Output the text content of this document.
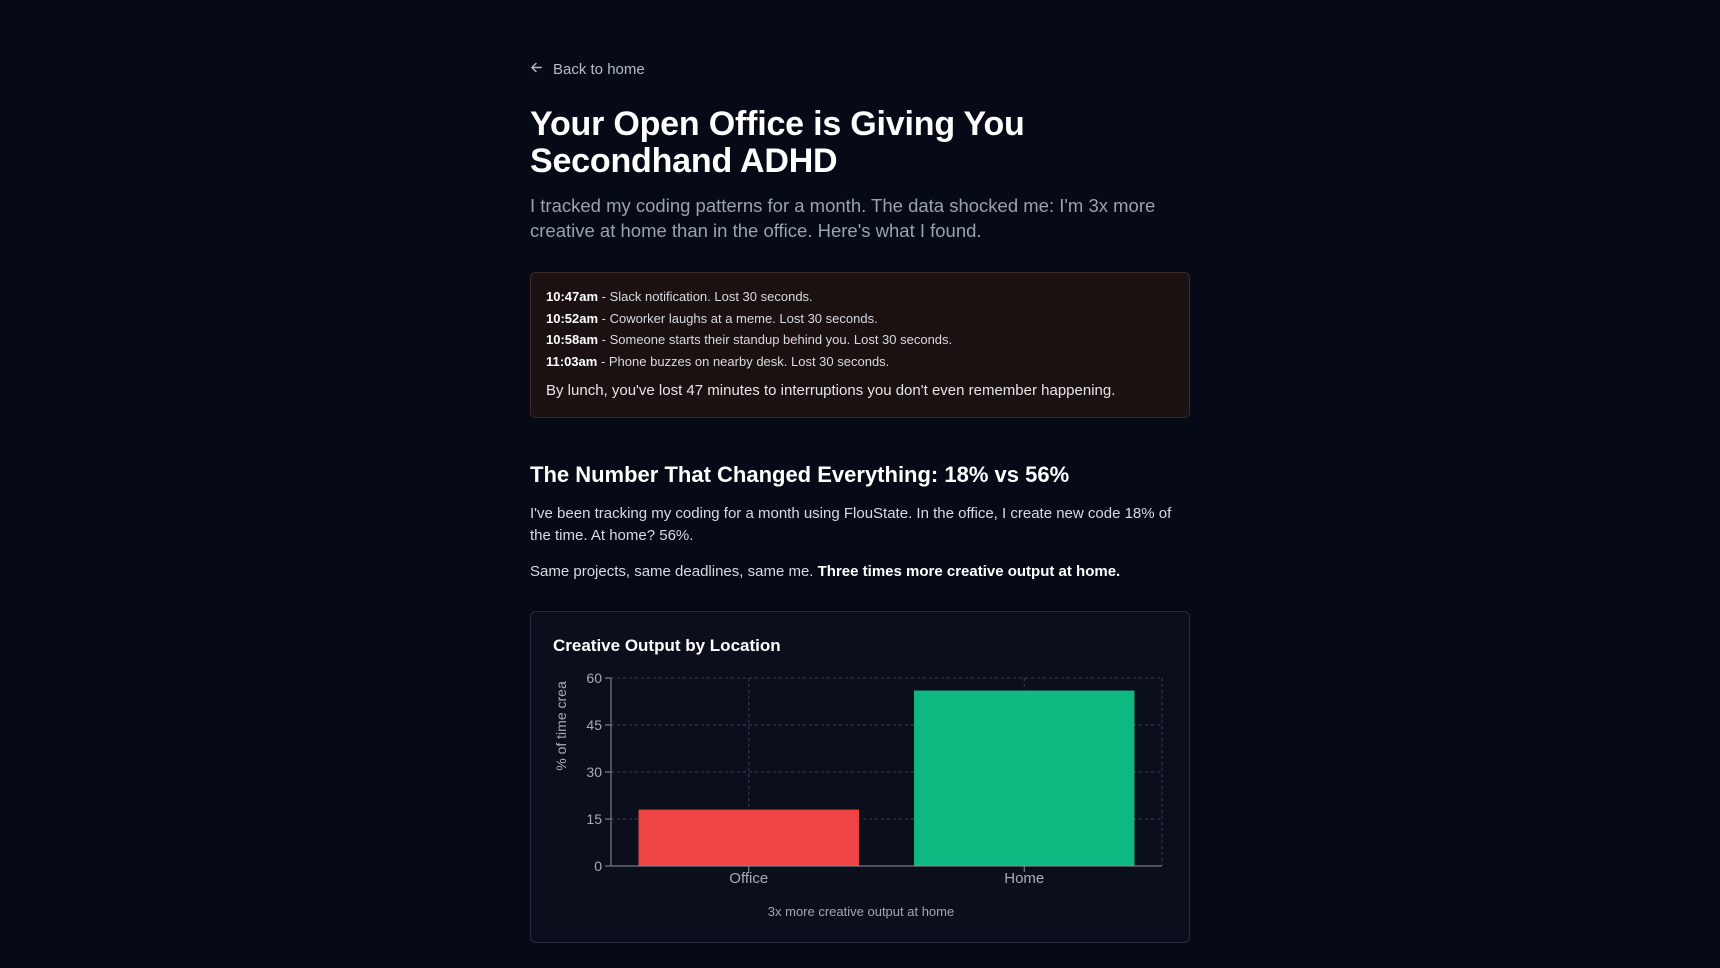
Back to home
Your Open Office is Giving You Secondhand ADHD

I tracked my coding patterns for a month. The data shocked me: I'm 3x more creative at home than in the office. Here's what I found.

10:47am - Slack notification. Lost 30 seconds.
10:52am - Coworker laughs at a meme. Lost 30 seconds.
10:58am - Someone starts their standup behind you. Lost 30 seconds.
11:03am - Phone buzzes on nearby desk. Lost 30 seconds.
By lunch, you've lost 47 minutes to interruptions you don't even remember happening.
The Number That Changed Everything: 18% vs 56%

I've been tracking my coding for a month using FlouState. In the office, I create new code 18% of the time. At home? 56%.

Same projects, same deadlines, same me. Three times more creative output at home.

Creative Output by Location
0
15
30
45
60
Office	Home
% of time crea
3x more creative output at home
